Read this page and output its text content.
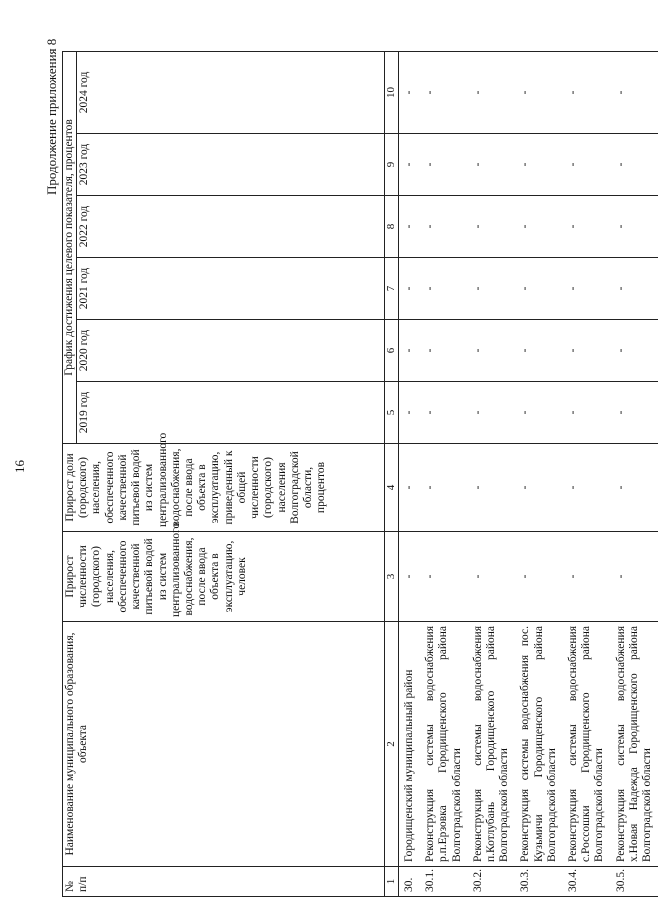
16
Продолжение приложения 8
№ п/п	Наименование муниципального образования, объекта	Прирост численности (городского) населения, обеспеченного качественной питьевой водой из систем централизованного водоснабжения, после ввода объекта в эксплуатацию, человек	Прирост доли (городского) населения, обеспеченного качественной питьевой водой из систем централизованного водоснабжения, после ввода объекта в эксплуатацию, приведенный к общей численности (городского) населения Волгоградской области, процентов	График достижения целевого показателя, процентов					
				2019 год	2020 год	2021 год	2022 год	2023 год	2024 год
1	2	3	4	5	6	7	8	9	10
30.	Городищенский муниципальный район	-	-	-	-	-	-	-	-
30.1.	Реконструкция системы водоснабжения р.п.Ерзовка Городищенского района Волгоградской области	-	-	-	-	-	-	-	-
30.2.	Реконструкция системы водоснабжения п.Котлубань Городищенского района Волгоградской области	-	-	-	-	-	-	-	-
30.3.	Реконструкция системы водоснабжения пос. Кузьмичи Городищенского района Волгоградской области	-	-	-	-	-	-	-	-
30.4.	Реконструкция системы водоснабжения с.Россошки Городищенского района Волгоградской области	-	-	-	-	-	-	-	-
30.5.	Реконструкция системы водоснабжения х.Новая Надежда Городищенского района Волгоградской области	-	-	-	-	-	-	-	-
